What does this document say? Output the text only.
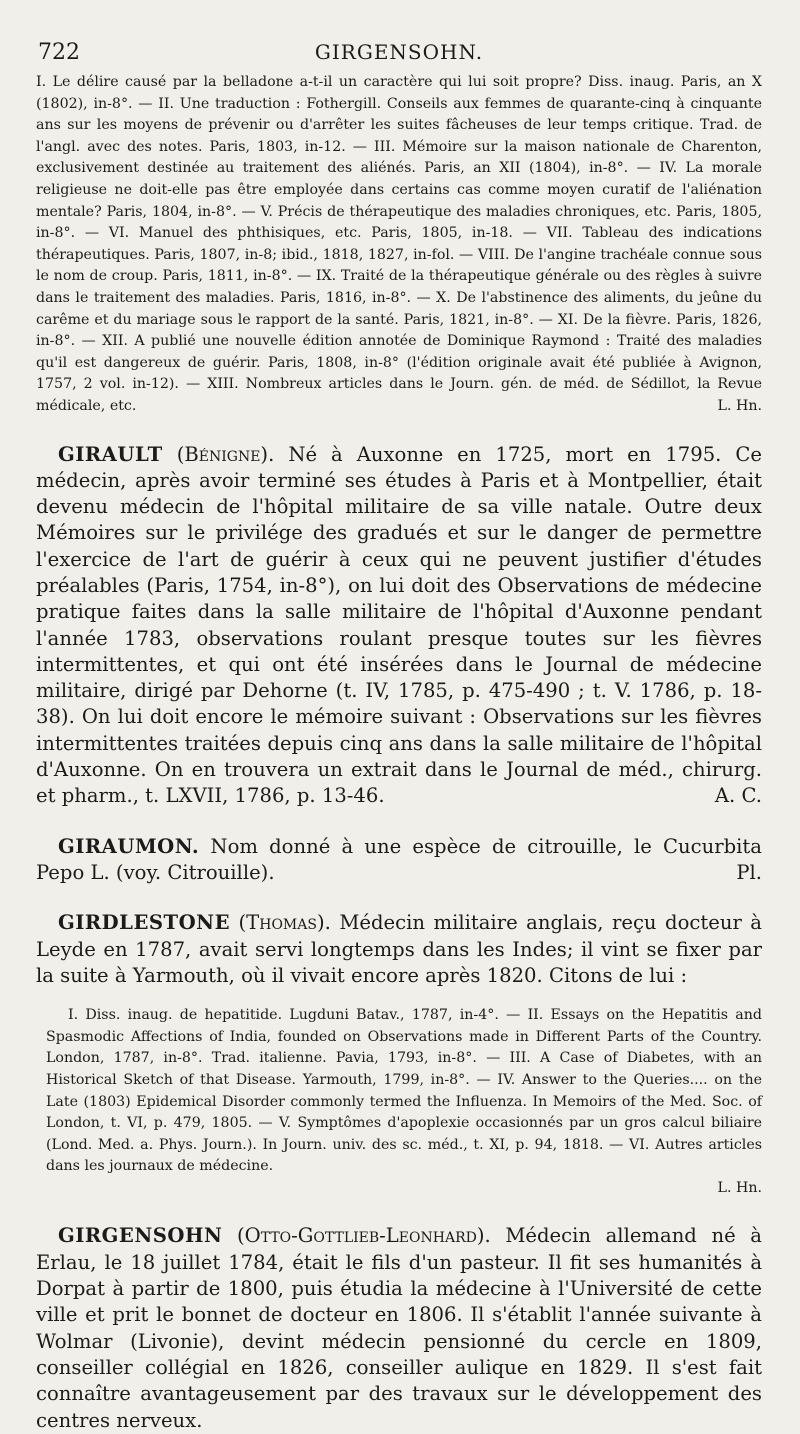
722	GIRGENSOHN.

I. Le délire causé par la belladone a-t-il un caractère qui lui soit propre? Diss. inaug. Paris, an X (1802), in-8°. — II. Une traduction : Fothergill. Conseils aux femmes de quarante-cinq à cinquante ans sur les moyens de prévenir ou d'arrêter les suites fâcheuses de leur temps critique. Trad. de l'angl. avec des notes. Paris, 1803, in-12. — III. Mémoire sur la maison nationale de Charenton, exclusivement destinée au traitement des aliénés. Paris, an XII (1804), in-8°. — IV. La morale religieuse ne doit-elle pas être employée dans certains cas comme moyen curatif de l'aliénation mentale? Paris, 1804, in-8°. — V. Précis de thérapeutique des maladies chroniques, etc. Paris, 1805, in-8°. — VI. Manuel des phthisiques, etc. Paris, 1805, in-18. — VII. Tableau des indications thérapeutiques. Paris, 1807, in-8; ibid., 1818, 1827, in-fol. — VIII. De l'angine trachéale connue sous le nom de croup. Paris, 1811, in-8°. — IX. Traité de la thérapeutique générale ou des règles à suivre dans le traitement des maladies. Paris, 1816, in-8°. — X. De l'abstinence des aliments, du jeûne du carême et du mariage sous le rapport de la santé. Paris, 1821, in-8°. — XI. De la fièvre. Paris, 1826, in-8°. — XII. A publié une nouvelle édition annotée de Dominique Raymond : Traité des maladies qu'il est dangereux de guérir. Paris, 1808, in-8° (l'édition originale avait été publiée à Avignon, 1757, 2 vol. in-12). — XIII. Nombreux articles dans le Journ. gén. de méd. de Sédillot, la Revue médicale, etc.	L. Hn.

GIRAULT (Bénigne). Né à Auxonne en 1725, mort en 1795. Ce médecin, après avoir terminé ses études à Paris et à Montpellier, était devenu médecin de l'hôpital militaire de sa ville natale. Outre deux Mémoires sur le privilége des gradués et sur le danger de permettre l'exercice de l'art de guérir à ceux qui ne peuvent justifier d'études préalables (Paris, 1754, in-8°), on lui doit des Observations de médecine pratique faites dans la salle militaire de l'hôpital d'Auxonne pendant l'année 1783, observations roulant presque toutes sur les fièvres intermittentes, et qui ont été insérées dans le Journal de médecine militaire, dirigé par Dehorne (t. IV, 1785, p. 475-490 ; t. V. 1786, p. 18-38). On lui doit encore le mémoire suivant : Observations sur les fièvres intermittentes traitées depuis cinq ans dans la salle militaire de l'hôpital d'Auxonne. On en trouvera un extrait dans le Journal de méd., chirurg. et pharm., t. LXVII, 1786, p. 13-46.	A. C.

GIRAUMON. Nom donné à une espèce de citrouille, le Cucurbita Pepo L. (voy. Citrouille).	Pl.

GIRDLESTONE (Thomas). Médecin militaire anglais, reçu docteur à Leyde en 1787, avait servi longtemps dans les Indes; il vint se fixer par la suite à Yarmouth, où il vivait encore après 1820. Citons de lui :

I. Diss. inaug. de hepatitide. Lugduni Batav., 1787, in-4°. — II. Essays on the Hepatitis and Spasmodic Affections of India, founded on Observations made in Different Parts of the Country. London, 1787, in-8°. Trad. italienne. Pavia, 1793, in-8°. — III. A Case of Diabetes, with an Historical Sketch of that Disease. Yarmouth, 1799, in-8°. — IV. Answer to the Queries.... on the Late (1803) Epidemical Disorder commonly termed the Influenza. In Memoirs of the Med. Soc. of London, t. VI, p. 479, 1805. — V. Symptômes d'apoplexie occasionnés par un gros calcul biliaire (Lond. Med. a. Phys. Journ.). In Journ. univ. des sc. méd., t. XI, p. 94, 1818. — VI. Autres articles dans les journaux de médecine.

L. Hn.

GIRGENSOHN (Otto-Gottlieb-Leonhard). Médecin allemand né à Erlau, le 18 juillet 1784, était le fils d'un pasteur. Il fit ses humanités à Dorpat à partir de 1800, puis étudia la médecine à l'Université de cette ville et prit le bonnet de docteur en 1806. Il s'établit l'année suivante à Wolmar (Livonie), devint médecin pensionné du cercle en 1809, conseiller collégial en 1826, conseiller aulique en 1829. Il s'est fait connaître avantageusement par des travaux sur le développement des centres nerveux.
